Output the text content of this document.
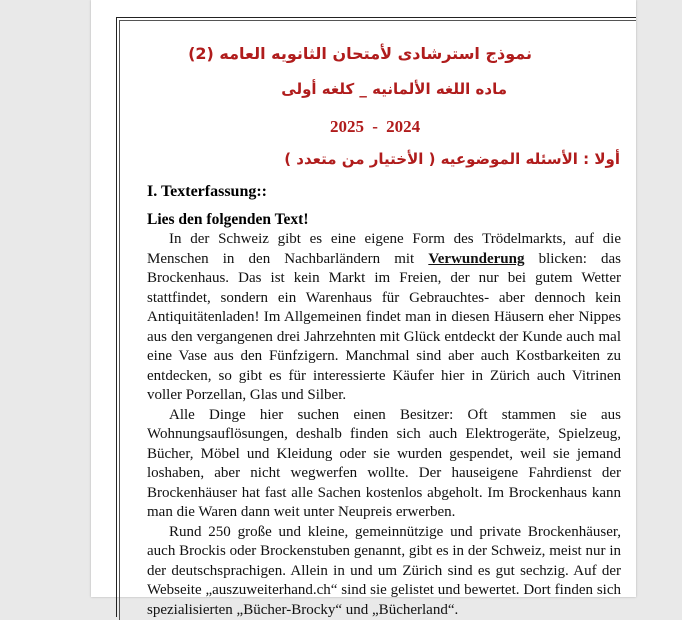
نموذج استرشادى لأمتحان الثانويه العامه (2)
ماده اللغه الألمانيه _ كلغه أولى
2025 - 2024
أولا : الأسئله الموضوعيه ( الأختيار من متعدد )
I. Texterfassung::
Lies den folgenden Text!

In der Schweiz gibt es eine eigene Form des Trödelmarkts, auf die Menschen in den Nachbarländern mit Verwunderung blicken: das Brockenhaus. Das ist kein Markt im Freien, der nur bei gutem Wetter stattfindet, sondern ein Warenhaus für Gebrauchtes- aber dennoch kein Antiquitätenladen! Im Allgemeinen findet man in diesen Häusern eher Nippes aus den vergangenen drei Jahrzehnten mit Glück entdeckt der Kunde auch mal eine Vase aus den Fünfzigern. Manchmal sind aber auch Kostbarkeiten zu entdecken, so gibt es für interessierte Käufer hier in Zürich auch Vitrinen voller Porzellan, Glas und Silber.

Alle Dinge hier suchen einen Besitzer: Oft stammen sie aus Wohnungsauflösungen, deshalb finden sich auch Elektrogeräte, Spielzeug, Bücher, Möbel und Kleidung oder sie wurden gespendet, weil sie jemand loshaben, aber nicht wegwerfen wollte. Der hauseigene Fahrdienst der Brockenhäuser hat fast alle Sachen kostenlos abgeholt. Im Brockenhaus kann man die Waren dann weit unter Neupreis erwerben.

Rund 250 große und kleine, gemeinnützige und private Brockenhäuser, auch Brockis oder Brockenstuben genannt, gibt es in der Schweiz, meist nur in der deutschsprachigen. Allein in und um Zürich sind es gut sechzig. Auf der Webseite „auszuweiterhand.ch“ sind sie gelistet und bewertet. Dort finden sich spezialisierten „Bücher-Brocky“ und „Bücherland“.
